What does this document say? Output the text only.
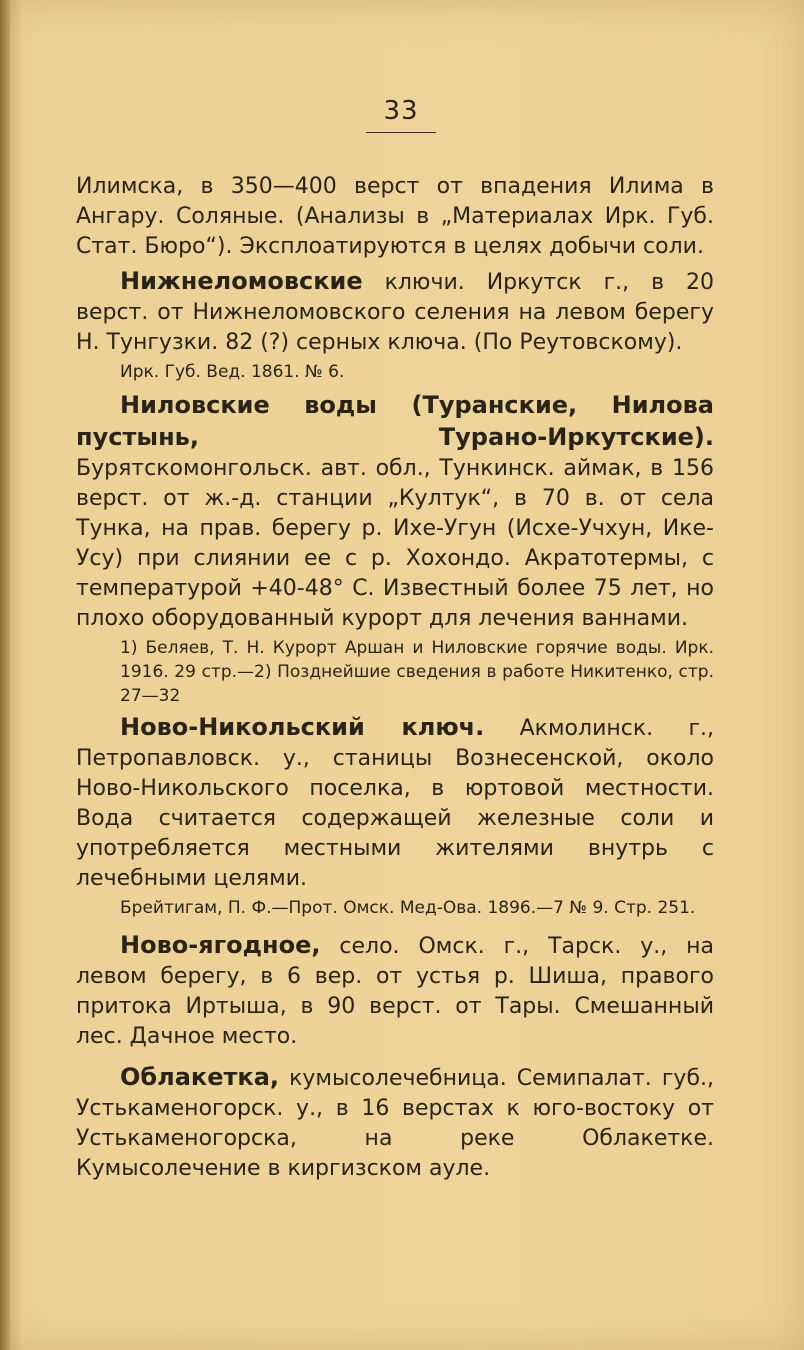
33

Илимска, в 350—400 верст от впадения Илима в Ангару. Соляные. (Анализы в „Материалах Ирк. Губ. Стат. Бюро“). Эксплоатируются в целях добычи соли.

Нижнеломовские ключи. Иркутск г., в 20 верст. от Нижнеломовского селения на левом берегу Н. Тунгузки. 82 (?) серных ключа. (По Реутовскому).

Ирк. Губ. Вед. 1861. № 6.

Ниловские воды (Туранские, Нилова пустынь, Турано-Иркутские). Бурятскомонгольск. авт. обл., Тункинск. аймак, в 156 верст. от ж.-д. станции „Култук“, в 70 в. от села Тунка, на прав. берегу р. Ихе-Угун (Исхе-Учхун, Ике-Усу) при слиянии ее с р. Хохондо. Акратотермы, с температурой +40-48° С. Известный более 75 лет, но плохо оборудованный курорт для лечения ваннами.

1) Беляев, Т. Н. Курорт Аршан и Ниловские горячие воды. Ирк. 1916. 29 стр.—2) Позднейшие сведения в работе Никитенко, стр. 27—32

Ново-Никольский ключ. Акмолинск. г., Петропавловск. у., станицы Вознесенской, около Ново-Никольского поселка, в юртовой местности. Вода считается содержащей железные соли и употребляется местными жителями внутрь с лечебными целями.

Брейтигам, П. Ф.—Прот. Омск. Мед-Ова. 1896.—7 № 9. Стр. 251.

Ново-ягодное, село. Омск. г., Тарск. у., на левом берегу, в 6 вер. от устья р. Шиша, правого притока Иртыша, в 90 верст. от Тары. Смешанный лес. Дачное место.

Облакетка, кумысолечебница. Семипалат. губ., Устькаменогорск. у., в 16 верстах к юго-востоку от Устькаменогорска, на реке Облакетке. Кумысолечение в киргизском ауле.
